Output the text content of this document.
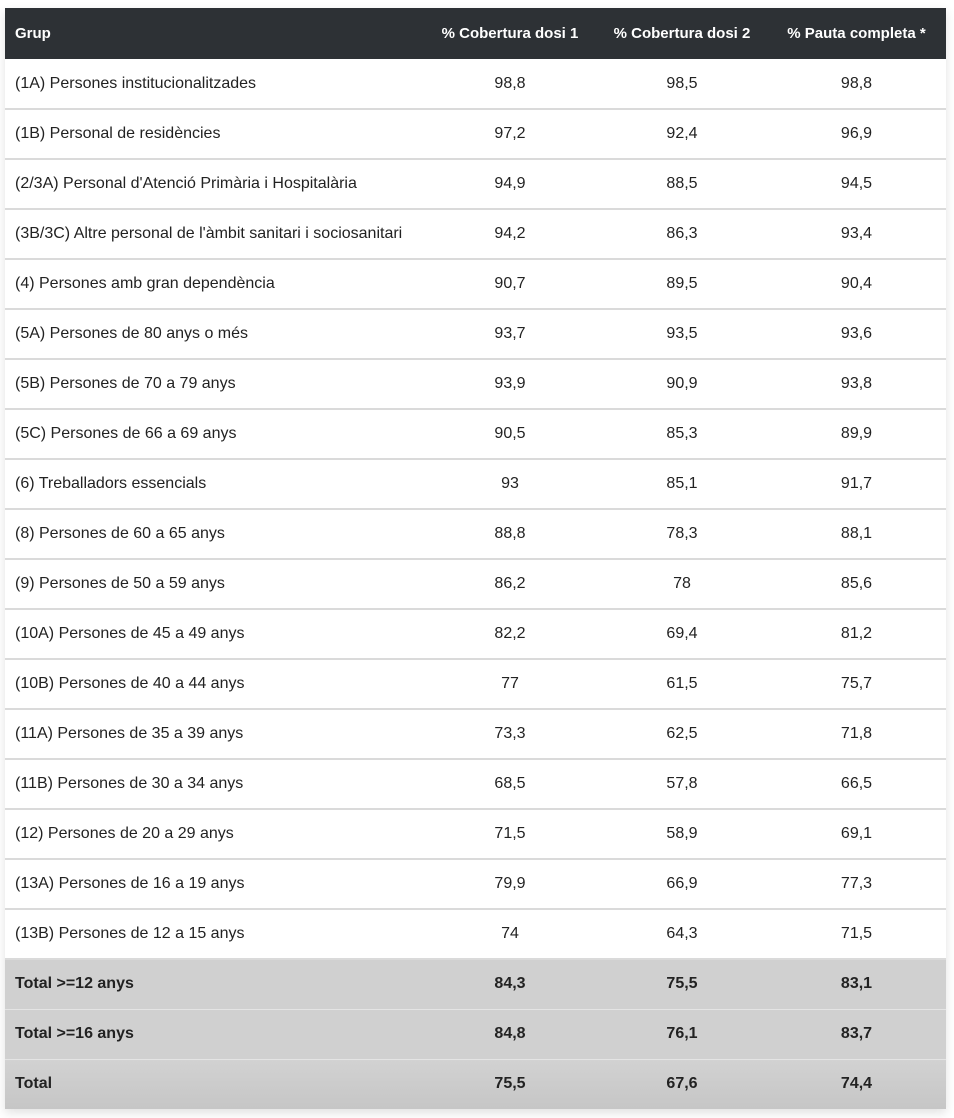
Grup	% Cobertura dosi 1	% Cobertura dosi 2	% Pauta completa *
(1A) Persones institucionalitzades	98,8	98,5	98,8
(1B) Personal de residències	97,2	92,4	96,9
(2/3A) Personal d'Atenció Primària i Hospitalària	94,9	88,5	94,5
(3B/3C) Altre personal de l'àmbit sanitari i sociosanitari	94,2	86,3	93,4
(4) Persones amb gran dependència	90,7	89,5	90,4
(5A) Persones de 80 anys o més	93,7	93,5	93,6
(5B) Persones de 70 a 79 anys	93,9	90,9	93,8
(5C) Persones de 66 a 69 anys	90,5	85,3	89,9
(6) Treballadors essencials	93	85,1	91,7
(8) Persones de 60 a 65 anys	88,8	78,3	88,1
(9) Persones de 50 a 59 anys	86,2	78	85,6
(10A) Persones de 45 a 49 anys	82,2	69,4	81,2
(10B) Persones de 40 a 44 anys	77	61,5	75,7
(11A) Persones de 35 a 39 anys	73,3	62,5	71,8
(11B) Persones de 30 a 34 anys	68,5	57,8	66,5
(12) Persones de 20 a 29 anys	71,5	58,9	69,1
(13A) Persones de 16 a 19 anys	79,9	66,9	77,3
(13B) Persones de 12 a 15 anys	74	64,3	71,5
Total >=12 anys	84,3	75,5	83,1
Total >=16 anys	84,8	76,1	83,7
Total	75,5	67,6	74,4
